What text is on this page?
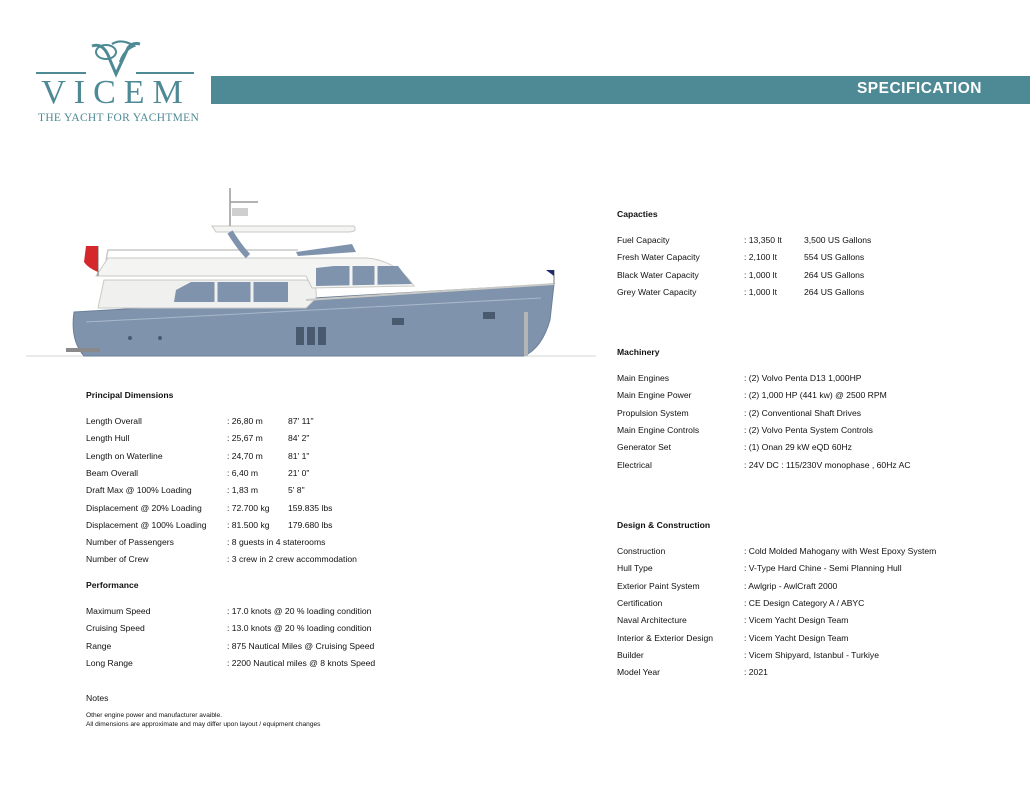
VICEM
THE YACHT FOR YACHTMEN
SPECIFICATION
Capacties
Fuel Capacity	: 13,350 lt	3,500 US Gallons
Fresh Water Capacity	: 2,100 lt	554 US Gallons
Black Water Capacity	: 1,000 lt	264 US Gallons
Grey Water Capacity	: 1,000 lt	264 US Gallons
Machinery
Main Engines	: (2) Volvo Penta D13 1,000HP
Main Engine Power	: (2) 1,000 HP (441 kw) @ 2500 RPM
Propulsion System	: (2) Conventional Shaft Drives
Main Engine Controls	: (2) Volvo Penta System Controls
Generator Set	: (1) Onan 29 kW eQD 60Hz
Electrical	: 24V DC : 115/230V monophase , 60Hz AC
Design & Construction
Construction	: Cold Molded Mahogany with West Epoxy System
Hull Type	: V-Type Hard Chine - Semi Planning Hull
Exterior Paint System	: Awlgrip - AwlCraft 2000
Certification	: CE Design Category A / ABYC
Naval Architecture	: Vicem Yacht Design Team
Interior & Exterior Design	: Vicem Yacht Design Team
Builder	: Vicem Shipyard, Istanbul - Turkiye
Model Year	: 2021
Principal Dimensions
Length Overall	: 26,80 m	87' 11"
Length Hull	: 25,67 m	84' 2"
Length on Waterline	: 24,70 m	81' 1"
Beam Overall	: 6,40 m	21' 0"
Draft Max @ 100% Loading	: 1,83 m	5' 8"
Displacement @ 20% Loading	: 72.700 kg 159.835 lbs
Displacement @ 100% Loading : 81.500 kg 179.680 lbs
Number of Passengers	: 8 guests in 4 staterooms
Number of Crew	: 3 crew in 2 crew accommodation
Performance
Maximum Speed	: 17.0 knots @ 20 % loading condition
Cruising Speed	: 13.0 knots @ 20 % loading condition
Range	: 875 Nautical Miles @ Cruising Speed
Long Range	: 2200 Nautical miles @ 8 knots Speed
Notes
Other engine power and manufacturer avaible.
All dimensions are approximate and may differ upon layout / equipment changes
